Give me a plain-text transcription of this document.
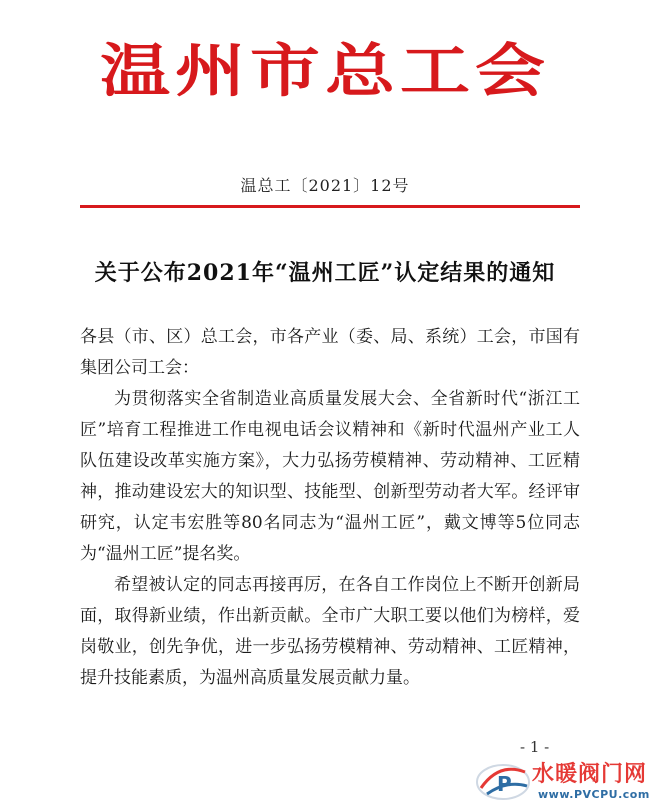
温州市总工会
温总工〔2021〕12号
关于公布2021年“温州工匠”认定结果的通知

各县（市、区）总工会，市各产业（委、局、系统）工会，市国有集团公司工会：

为贯彻落实全省制造业高质量发展大会、全省新时代“浙江工匠”培育工程推进工作电视电话会议精神和《新时代温州产业工人队伍建设改革实施方案》，大力弘扬劳模精神、劳动精神、工匠精神，推动建设宏大的知识型、技能型、创新型劳动者大军。经评审研究，认定韦宏胜等80名同志为“温州工匠”，戴文博等5位同志为“温州工匠”提名奖。

希望被认定的同志再接再厉，在各自工作岗位上不断开创新局面，取得新业绩，作出新贡献。全市广大职工要以他们为榜样，爱岗敬业，创先争优，进一步弘扬劳模精神、劳动精神、工匠精神，提升技能素质，为温州高质量发展贡献力量。

- 1 -
P 水暖阀门网
www.PVCPU.com
